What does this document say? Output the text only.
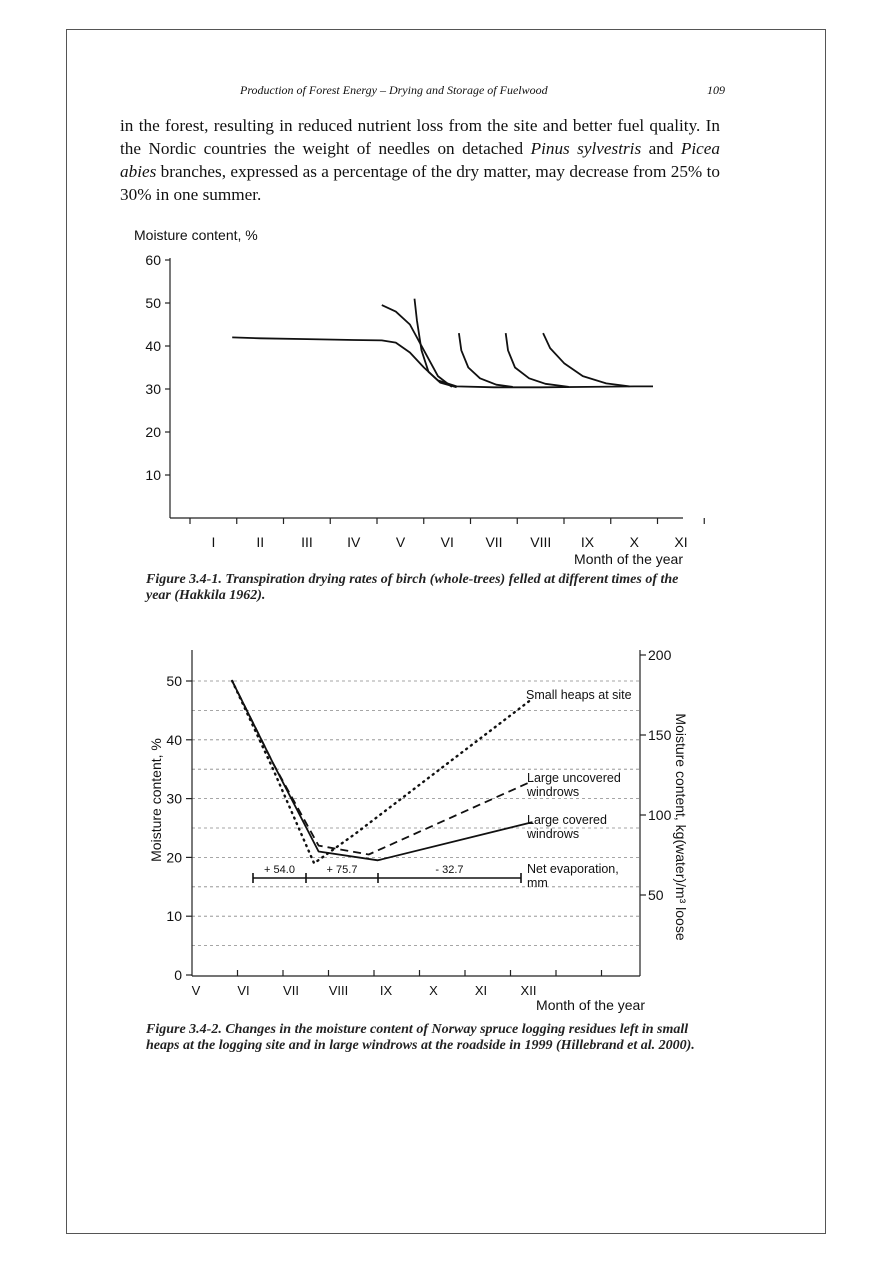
Production of Forest Energy – Drying and Storage of Fuelwood	109

in the forest, resulting in reduced nutrient loss from the site and better fuel quality. In the Nordic countries the weight of needles on detached Pinus sylvestris and Picea abies branches, expressed as a percentage of the dry matter, may decrease from 25% to 30% in one summer.

Moisture content, %
10
20
30
40
50
60
I	II	III IV	V	VI VII VIII IX	X	XI
Month of the year

Figure 3.4-1. Transpiration drying rates of birch (whole-trees) felled at different times of the year (Hakkila 1962).

0
10
20
30
40
50
50
100
150
200
V	VI	VII VIII IX	X	XI	XII
Moisture content, %	Moisture content, kg(water)/m³ loose
+ 54.0	+ 75.7	- 32.7
Small heaps at site
Large uncovered windrows
Large covered windrows
Net evaporation, mm
Month of the year

Figure 3.4-2. Changes in the moisture content of Norway spruce logging residues left in small heaps at the logging site and in large windrows at the roadside in 1999 (Hillebrand et al. 2000).
